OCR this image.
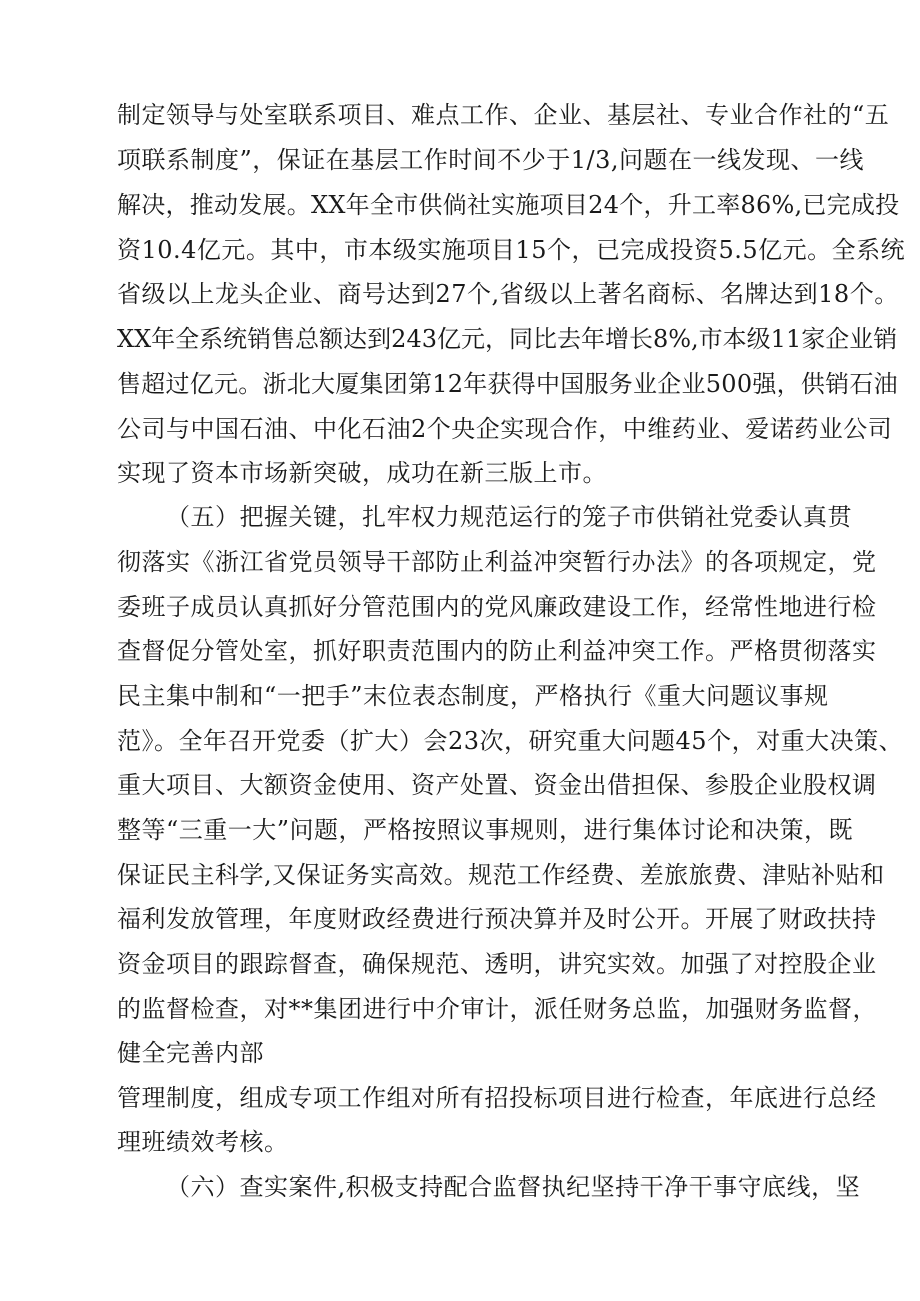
制定领导与处室联系项目、难点工作、企业、基层社、专业合作社的“五
项联系制度”，保证在基层工作时间不少于1/3,问题在一线发现、一线
解决，推动发展。XX年全市供倘社实施项目24个，升工率86%,已完成投
资10.4亿元。其中，市本级实施项目15个，已完成投资5.5亿元。全系统
省级以上龙头企业、商号达到27个,省级以上著名商标、名牌达到18个。
XX年全系统销售总额达到243亿元，同比去年增长8%,市本级11家企业销
售超过亿元。浙北大厦集团第12年获得中国服务业企业500强，供销石油
公司与中国石油、中化石油2个央企实现合作，中维药业、爱诺药业公司
实现了资本市场新突破，成功在新三版上市。
（五）把握关键，扎牢权力规范运行的笼子市供销社党委认真贯
彻落实《浙江省党员领导干部防止利益冲突暂行办法》的各项规定，党
委班子成员认真抓好分管范围内的党风廉政建设工作，经常性地进行检
查督促分管处室，抓好职责范围内的防止利益冲突工作。严格贯彻落实
民主集中制和“一把手”末位表态制度，严格执行《重大问题议事规
范》。全年召开党委（扩大）会23次，研究重大问题45个，对重大决策、
重大项目、大额资金使用、资产处置、资金出借担保、参股企业股权调
整等“三重一大”问题，严格按照议事规则，进行集体讨论和决策，既
保证民主科学,又保证务实高效。规范工作经费、差旅旅费、津贴补贴和
福利发放管理，年度财政经费进行预决算并及时公开。开展了财政扶持
资金项目的跟踪督查，确保规范、透明，讲究实效。加强了对控股企业
的监督检查，对**集团进行中介审计，派任财务总监，加强财务监督，
健全完善内部
管理制度，组成专项工作组对所有招投标项目进行检查，年底进行总经
理班绩效考核。
（六）查实案件,积极支持配合监督执纪坚持干净干事守底线，坚
